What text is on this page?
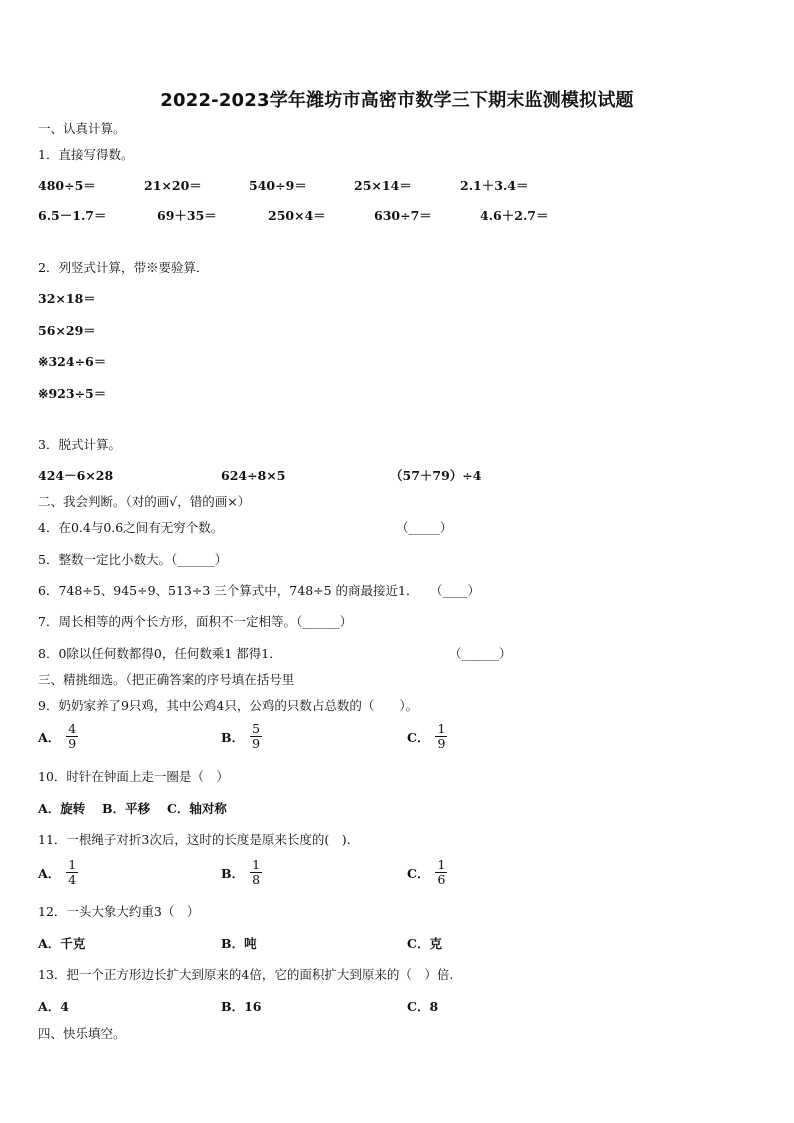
2022-2023学年潍坊市高密市数学三下期末监测模拟试题
一、认真计算。
1．直接写得数。
480÷5＝	21×20＝	540÷9＝	25×14＝	2.1＋3.4＝
6.5－1.7＝	69＋35＝	250×4＝	630÷7＝	4.6＋2.7＝
2．列竖式计算，带※要验算．
32×18＝
56×29＝
※324÷6＝
※923÷5＝
3．脱式计算。
424－6×28	624÷8×5	（57＋79）÷4
二、我会判断。（对的画√，错的画×）
4．在0.4与0.6之间有无穷个数。	（_____）
5．整数一定比小数大。（______）
6．748÷5、945÷9、513÷3 三个算式中，748÷5 的商最接近1． （____）
7．周长相等的两个长方形，面积不一定相等。（______）
8．0除以任何数都得0，任何数乘1 都得1．	（______）
三、精挑细选。（把正确答案的序号填在括号里
9．奶奶家养了9只鸡，其中公鸡4只，公鸡的只数占总数的（　　）。
A． $\frac{4}{9}$	B． $\frac{5}{9}$	C． $\frac{1}{9}$
10．时针在钟面上走一圈是（　）
A．旋转　 B．平移　 C．轴对称
11．一根绳子对折3次后，这时的长度是原来长度的(　).
A． $\frac{1}{4}$	B． $\frac{1}{8}$	C． $\frac{1}{6}$
12．一头大象大约重3（　）
A．千克	B．吨	C．克
13．把一个正方形边长扩大到原来的4倍，它的面积扩大到原来的（　）倍.
A．4	B．16	C．8
四、快乐填空。
